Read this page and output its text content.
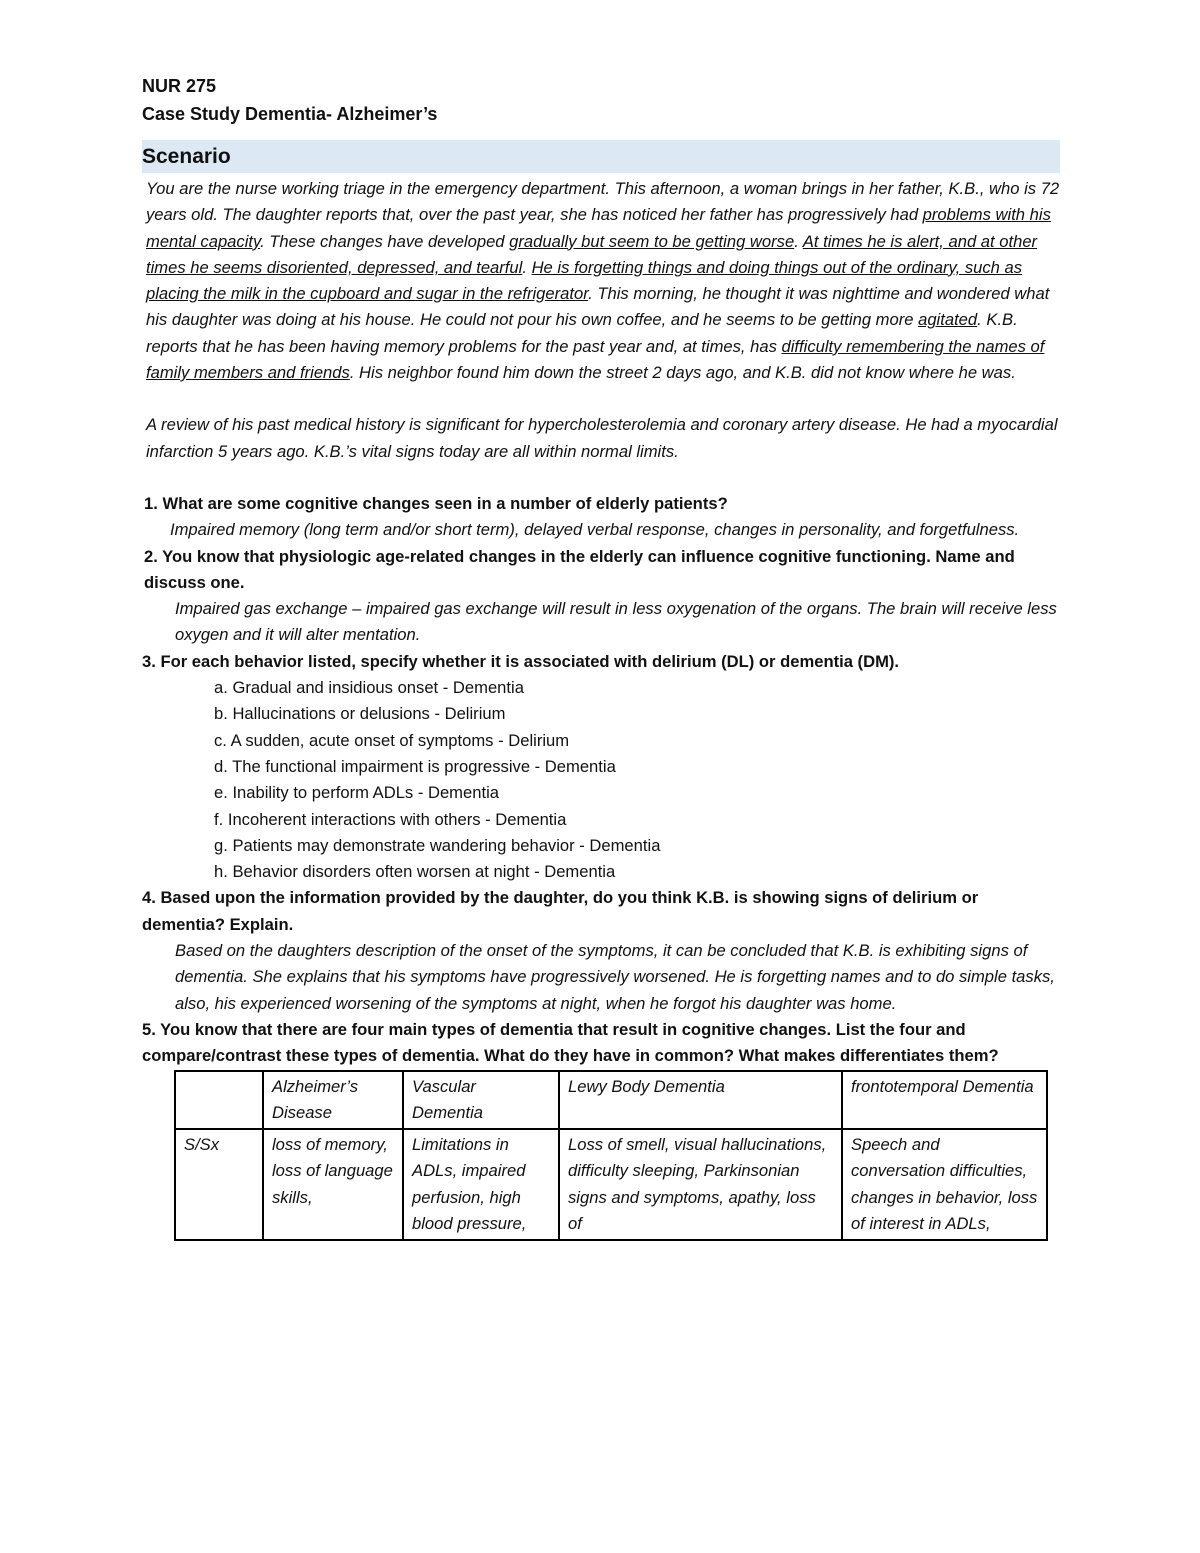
NUR 275
Case Study Dementia- Alzheimer’s
Scenario

You are the nurse working triage in the emergency department. This afternoon, a woman brings in her father, K.B., who is 72 years old. The daughter reports that, over the past year, she has noticed her father has progressively had problems with his mental capacity. These changes have developed gradually but seem to be getting worse. At times he is alert, and at other times he seems disoriented, depressed, and tearful. He is forgetting things and doing things out of the ordinary, such as placing the milk in the cupboard and sugar in the refrigerator. This morning, he thought it was nighttime and wondered what his daughter was doing at his house. He could not pour his own coffee, and he seems to be getting more agitated. K.B. reports that he has been having memory problems for the past year and, at times, has difficulty remembering the names of family members and friends. His neighbor found him down the street 2 days ago, and K.B. did not know where he was.

A review of his past medical history is significant for hypercholesterolemia and coronary artery disease. He had a myocardial infarction 5 years ago. K.B.’s vital signs today are all within normal limits.

1. What are some cognitive changes seen in a number of elderly patients?
Impaired memory (long term and/or short term), delayed verbal response, changes in personality, and forgetfulness.
2. You know that physiologic age-related changes in the elderly can influence cognitive functioning. Name and discuss one.
Impaired gas exchange – impaired gas exchange will result in less oxygenation of the organs. The brain will receive less oxygen and it will alter mentation.
3. For each behavior listed, specify whether it is associated with delirium (DL) or dementia (DM).
a. Gradual and insidious onset - Dementia
b. Hallucinations or delusions - Delirium
c. A sudden, acute onset of symptoms - Delirium
d. The functional impairment is progressive - Dementia
e. Inability to perform ADLs - Dementia
f. Incoherent interactions with others - Dementia
g. Patients may demonstrate wandering behavior - Dementia
h. Behavior disorders often worsen at night - Dementia
4. Based upon the information provided by the daughter, do you think K.B. is showing signs of delirium or dementia? Explain.
Based on the daughters description of the onset of the symptoms, it can be concluded that K.B. is exhibiting signs of dementia. She explains that his symptoms have progressively worsened. He is forgetting names and to do simple tasks, also, his experienced worsening of the symptoms at night, when he forgot his daughter was home.
5. You know that there are four main types of dementia that result in cognitive changes. List the four and compare/contrast these types of dementia. What do they have in common? What makes differentiates them?
	Alzheimer’s Disease	Vascular Dementia	Lewy Body Dementia	frontotemporal Dementia
S/Sx	loss of memory, loss of language skills,	Limitations in ADLs, impaired perfusion, high blood pressure,	Loss of smell, visual hallucinations, difficulty sleeping, Parkinsonian signs and symptoms, apathy, loss of	Speech and conversation difficulties, changes in behavior, loss of interest in ADLs,
